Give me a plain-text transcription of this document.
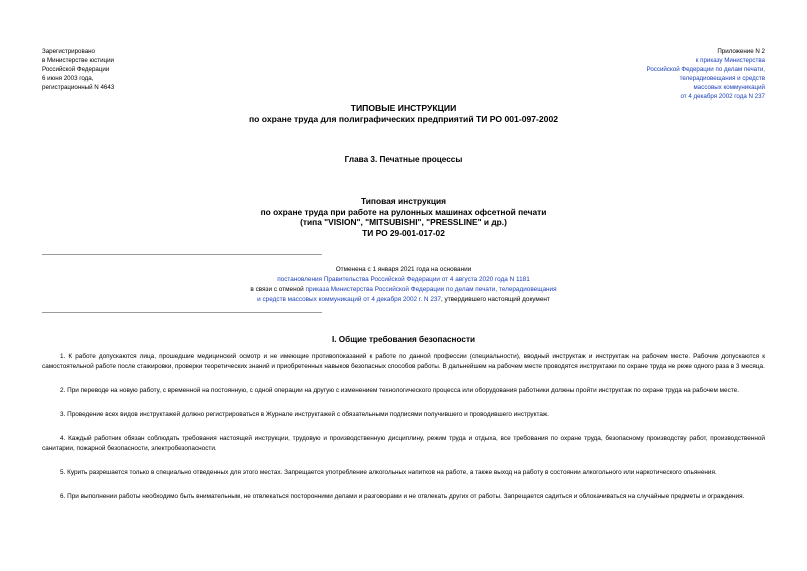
Зарегистрировано
в Министерстве юстиции
Российской Федерации
6 июня 2003 года,
регистрационный N 4643
Приложение N 2
к приказу Министерства
Российской Федерации по делам печати,
телерадиовещания и средств
массовых коммуникаций
от 4 декабря 2002 года N 237
ТИПОВЫЕ ИНСТРУКЦИИ
по охране труда для полиграфических предприятий ТИ РО 001-097-2002
Глава 3. Печатные процессы
Типовая инструкция
по охране труда при работе на рулонных машинах офсетной печати
(типа "VISION", "MITSUBISHI", "PRESSLINE" и др.)
ТИ РО 29-001-017-02
Отменена с 1 января 2021 года на основании
постановления Правительства Российской Федерации от 4 августа 2020 года N 1181
в связи с отменой приказа Министерства Российской Федерации по делам печати, телерадиовещания
и средств массовых коммуникаций от 4 декабря 2002 г. N 237, утвердившего настоящий документ
I. Общие требования безопасности

1. К работе допускаются лица, прошедшие медицинский осмотр и не имеющие противопоказаний к работе по данной профессии (специальности), вводный инструктаж и инструктаж на рабочем месте. Рабочие допускаются к самостоятельной работе после стажировки, проверки теоретических знаний и приобретенных навыков безопасных способов работы. В дальнейшем на рабочем месте проводятся инструктажи по охране труда не реже одного раза в 3 месяца.

2. При переводе на новую работу, с временной на постоянную, с одной операции на другую с изменением технологического процесса или оборудования работники должны пройти инструктаж по охране труда на рабочем месте.

3. Проведение всех видов инструктажей должно регистрироваться в Журнале инструктажей с обязательными подписями получившего и проводившего инструктаж.

4. Каждый работник обязан соблюдать требования настоящей инструкции, трудовую и производственную дисциплину, режим труда и отдыха, все требования по охране труда, безопасному производству работ, производственной санитарии, пожарной безопасности, электробезопасности.

5. Курить разрешается только в специально отведенных для этого местах. Запрещается употребление алкогольных напитков на работе, а также выход на работу в состоянии алкогольного или наркотического опьянения.

6. При выполнении работы необходимо быть внимательным, не отвлекаться посторонними делами и разговорами и не отвлекать других от работы. Запрещается садиться и облокачиваться на случайные предметы и ограждения.
